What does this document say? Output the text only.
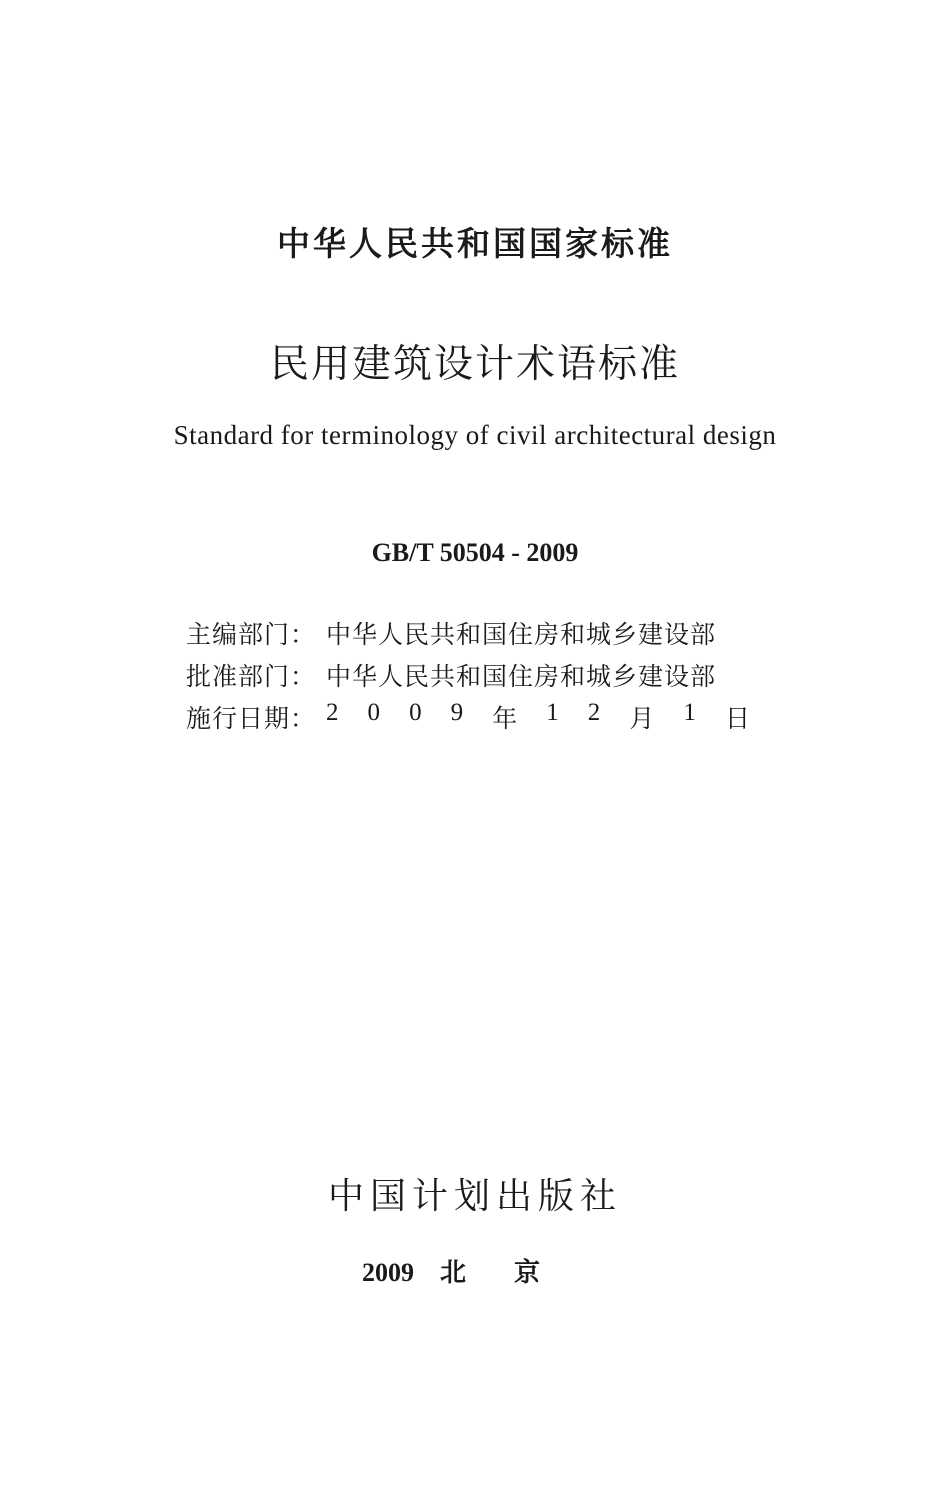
中华人民共和国国家标准
民用建筑设计术语标准
Standard for terminology of civil architectural design
GB/T 50504 - 2009
主编部门： 中华人民共和国住房和城乡建设部
批准部门： 中华人民共和国住房和城乡建设部
施行日期： 2 0 0 9 年 1 2 月 1 日
中国计划出版社
2009 北京
